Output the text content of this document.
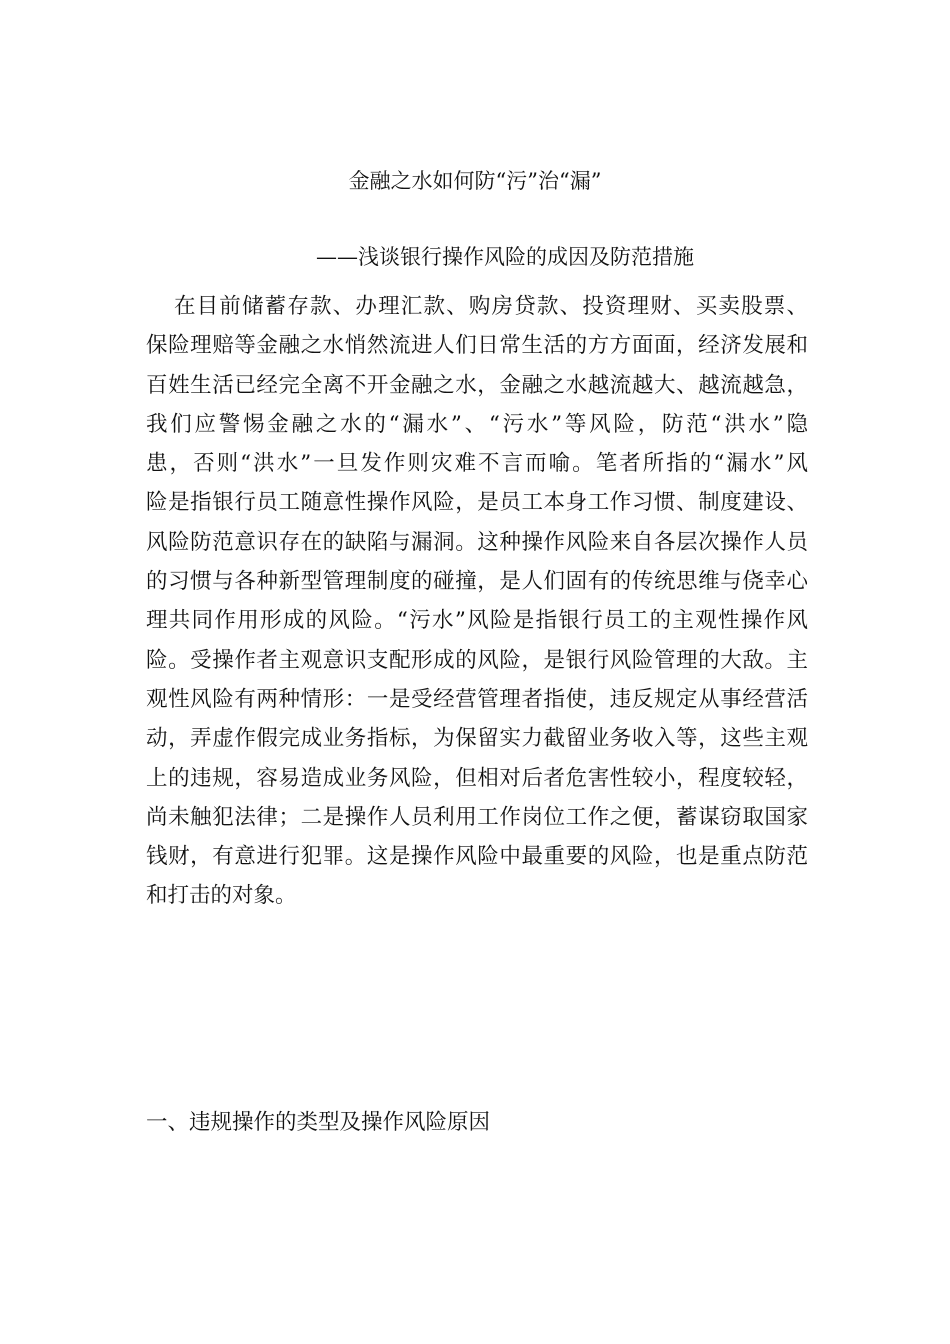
金融之水如何防“污”治“漏”
——浅谈银行操作风险的成因及防范措施
在目前储蓄存款、办理汇款、购房贷款、投资理财、买卖股票、
保险理赔等金融之水悄然流进人们日常生活的方方面面，经济发展和
百姓生活已经完全离不开金融之水，金融之水越流越大、越流越急，
我们应警惕金融之水的“漏水”、“污水”等风险，防范“洪水”隐
患，否则“洪水”一旦发作则灾难不言而喻。笔者所指的“漏水”风
险是指银行员工随意性操作风险，是员工本身工作习惯、制度建设、
风险防范意识存在的缺陷与漏洞。这种操作风险来自各层次操作人员
的习惯与各种新型管理制度的碰撞，是人们固有的传统思维与侥幸心
理共同作用形成的风险。“污水”风险是指银行员工的主观性操作风
险。受操作者主观意识支配形成的风险，是银行风险管理的大敌。主
观性风险有两种情形：一是受经营管理者指使，违反规定从事经营活
动，弄虚作假完成业务指标，为保留实力截留业务收入等，这些主观
上的违规，容易造成业务风险，但相对后者危害性较小，程度较轻，
尚未触犯法律；二是操作人员利用工作岗位工作之便，蓄谋窃取国家
钱财，有意进行犯罪。这是操作风险中最重要的风险，也是重点防范
和打击的对象。
一、违规操作的类型及操作风险原因
